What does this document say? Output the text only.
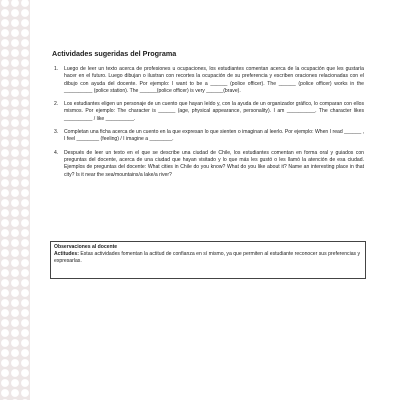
Actividades sugeridas del Programa
1.	Luego de leer un texto acerca de profesiones u ocupaciones, los estudiantes comentan acerca de la ocupación que les gustaría hacer en el futuro. Luego dibujan o ilustran con recortes la ocupación de su preferencia y escriben oraciones relacionadas con el dibujo con ayuda del docente. Por ejemplo: I want to be a ______ (police officer). The ______ (police officer) works in the __________ (police station). The ______(police officer) is very ______(brave).
2.	Los estudiantes eligen un personaje de un cuento que hayan leído y, con la ayuda de un organizador gráfico, lo comparan con ellos mismos. Por ejemplo: The character is ______ (age, physical appearance, personality). I am __________. The character likes __________ / like __________.
3.	Completan una ficha acerca de un cuento en la que expresan lo que sienten o imaginan al leerlo. Por ejemplo: When I read ______ , I feel ________ (feeling) / I imagine a ________.
4.	Después de leer un texto en el que se describe una ciudad de Chile, los estudiantes comentan en forma oral y guiados con preguntas del docente, acerca de una ciudad que hayan visitado y lo que más les gustó o les llamó la atención de esa ciudad. Ejemplos de preguntas del docente: What cities in Chile do you know? What do you like about it? Name an interesting place in that city? Is it near the sea/mountains/a lake/a river?
Observaciones al docente
Actitudes: Estas actividades fomentan la actitud de confianza en sí mismo, ya que permiten al estudiante reconocer sus preferencias y expresarlas.
